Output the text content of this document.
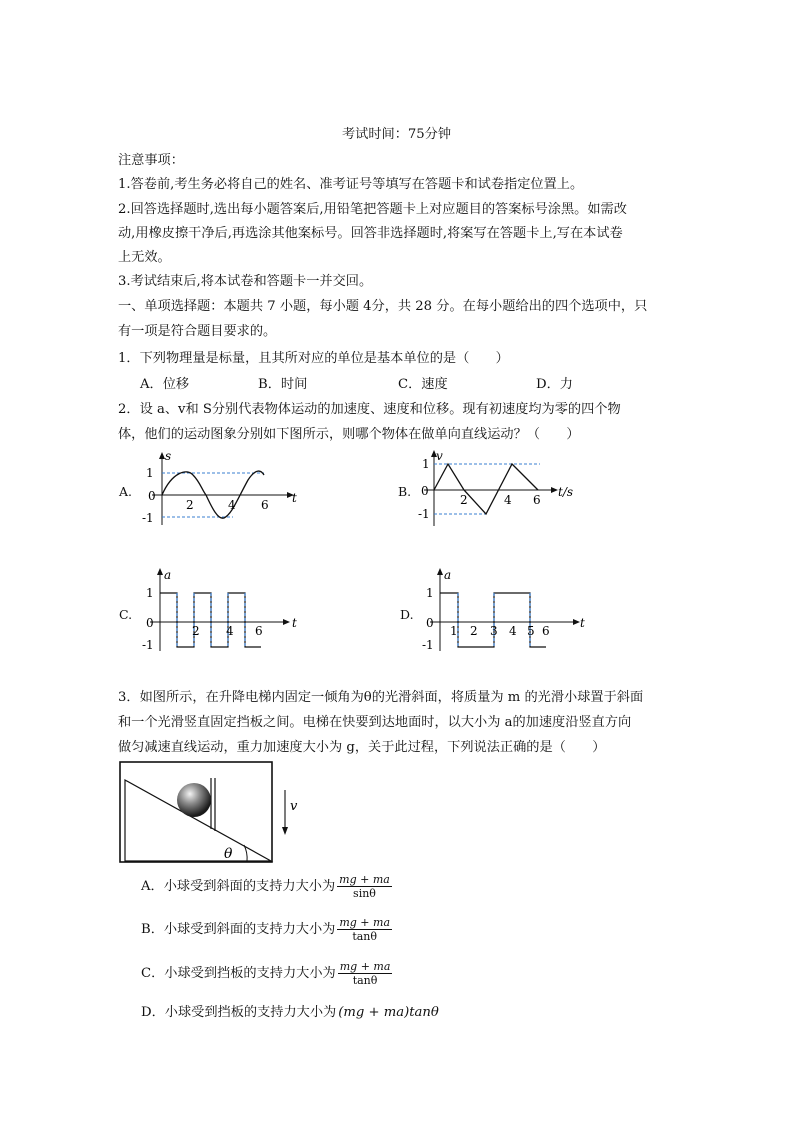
考试时间：75分钟
注意事项：
1.答卷前,考生务必将自己的姓名、准考证号等填写在答题卡和试卷指定位置上。
2.回答选择题时,选出每小题答案后,用铅笔把答题卡上对应题目的答案标号涂黑。如需改
动,用橡皮擦干净后,再选涂其他案标号。回答非选择题时,将案写在答题卡上,写在本试卷
上无效。
3.考试结束后,将本试卷和答题卡一并交回。
一、单项选择题：本题共 7 小题，每小题 4分，共 28 分。在每小题给出的四个选项中，只
有一项是符合题目要求的。
1．下列物理量是标量，且其所对应的单位是基本单位的是（　　）
A．位移	B．时间	C．速度	D．力
2．设 a、v和 S分别代表物体运动的加速度、速度和位移。现有初速度均为零的四个物
体，他们的运动图象分别如下图所示，则哪个物体在做单向直线运动？（　　）
A.
s
t
1
0
-1
2	4 6
B.
v
t/s
1
0
-1
2	4 6
C.
a
t
1
0
-1
2 4 6
D.
a
t
1
0
-1
1 2 3 4 5 6
3．如图所示，在升降电梯内固定一倾角为θ的光滑斜面，将质量为 m 的光滑小球置于斜面
和一个光滑竖直固定挡板之间。电梯在快要到达地面时，以大小为 a的加速度沿竖直方向
做匀减速直线运动，重力加速度大小为 g，关于此过程，下列说法正确的是（　　）
θ
v
A．小球受到斜面的支持力大小为 $\frac{mg + ma}{\sin\theta}$
B．小球受到斜面的支持力大小为 $\frac{mg + ma}{\tan\theta}$
C．小球受到挡板的支持力大小为 $\frac{mg + ma}{\tan\theta}$
D．小球受到挡板的支持力大小为 (mg + ma)tanθ
